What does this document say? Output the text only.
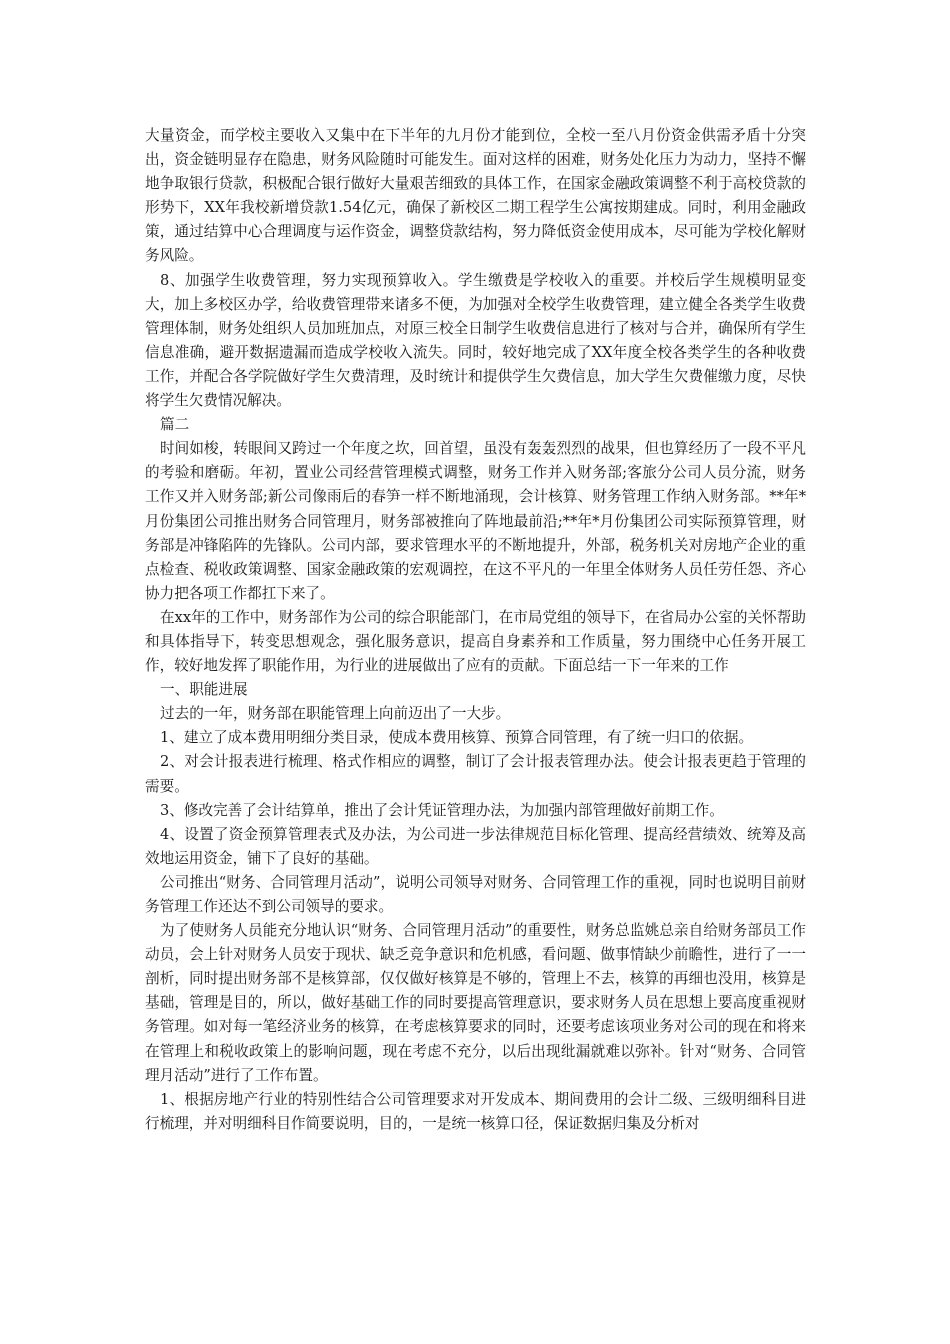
大量资金，而学校主要收入又集中在下半年的九月份才能到位，全校一至八月份资金供需矛盾十分突出，资金链明显存在隐患，财务风险随时可能发生。面对这样的困难，财务处化压力为动力，坚持不懈地争取银行贷款，积极配合银行做好大量艰苦细致的具体工作，在国家金融政策调整不利于高校贷款的形势下，XX年我校新增贷款1.54亿元，确保了新校区二期工程学生公寓按期建成。同时，利用金融政策，通过结算中心合理调度与运作资金，调整贷款结构，努力降低资金使用成本，尽可能为学校化解财务风险。

8、加强学生收费管理，努力实现预算收入。学生缴费是学校收入的重要。并校后学生规模明显变大，加上多校区办学，给收费管理带来诸多不便，为加强对全校学生收费管理，建立健全各类学生收费管理体制，财务处组织人员加班加点，对原三校全日制学生收费信息进行了核对与合并，确保所有学生信息准确，避开数据遗漏而造成学校收入流失。同时，较好地完成了XX年度全校各类学生的各种收费工作，并配合各学院做好学生欠费清理，及时统计和提供学生欠费信息，加大学生欠费催缴力度，尽快将学生欠费情况解决。

篇二

时间如梭，转眼间又跨过一个年度之坎，回首望，虽没有轰轰烈烈的战果，但也算经历了一段不平凡的考验和磨砺。年初，置业公司经营管理模式调整，财务工作并入财务部;客旅分公司人员分流，财务工作又并入财务部;新公司像雨后的春笋一样不断地涌现，会计核算、财务管理工作纳入财务部。**年*月份集团公司推出财务合同管理月，财务部被推向了阵地最前沿;**年*月份集团公司实际预算管理，财务部是冲锋陷阵的先锋队。公司内部，要求管理水平的不断地提升，外部，税务机关对房地产企业的重点检查、税收政策调整、国家金融政策的宏观调控，在这不平凡的一年里全体财务人员任劳任怨、齐心协力把各项工作都扛下来了。

在xx年的工作中，财务部作为公司的综合职能部门，在市局党组的领导下，在省局办公室的关怀帮助和具体指导下，转变思想观念，强化服务意识，提高自身素养和工作质量，努力围绕中心任务开展工作，较好地发挥了职能作用，为行业的进展做出了应有的贡献。下面总结一下一年来的工作

一、职能进展

过去的一年，财务部在职能管理上向前迈出了一大步。

1、建立了成本费用明细分类目录，使成本费用核算、预算合同管理，有了统一归口的依据。

2、对会计报表进行梳理、格式作相应的调整，制订了会计报表管理办法。使会计报表更趋于管理的需要。

3、修改完善了会计结算单，推出了会计凭证管理办法，为加强内部管理做好前期工作。

4、设置了资金预算管理表式及办法，为公司进一步法律规范目标化管理、提高经营绩效、统筹及高效地运用资金，铺下了良好的基础。

公司推出“财务、合同管理月活动”，说明公司领导对财务、合同管理工作的重视，同时也说明目前财务管理工作还达不到公司领导的要求。

为了使财务人员能充分地认识“财务、合同管理月活动”的重要性，财务总监姚总亲自给财务部员工作动员，会上针对财务人员安于现状、缺乏竞争意识和危机感，看问题、做事情缺少前瞻性，进行了一一剖析，同时提出财务部不是核算部，仅仅做好核算是不够的，管理上不去，核算的再细也没用，核算是基础，管理是目的，所以，做好基础工作的同时要提高管理意识，要求财务人员在思想上要高度重视财务管理。如对每一笔经济业务的核算，在考虑核算要求的同时，还要考虑该项业务对公司的现在和将来在管理上和税收政策上的影响问题，现在考虑不充分，以后出现纰漏就难以弥补。针对“财务、合同管理月活动”进行了工作布置。

1、根据房地产行业的特别性结合公司管理要求对开发成本、期间费用的会计二级、三级明细科目进行梳理，并对明细科目作简要说明，目的，一是统一核算口径，保证数据归集及分析对
